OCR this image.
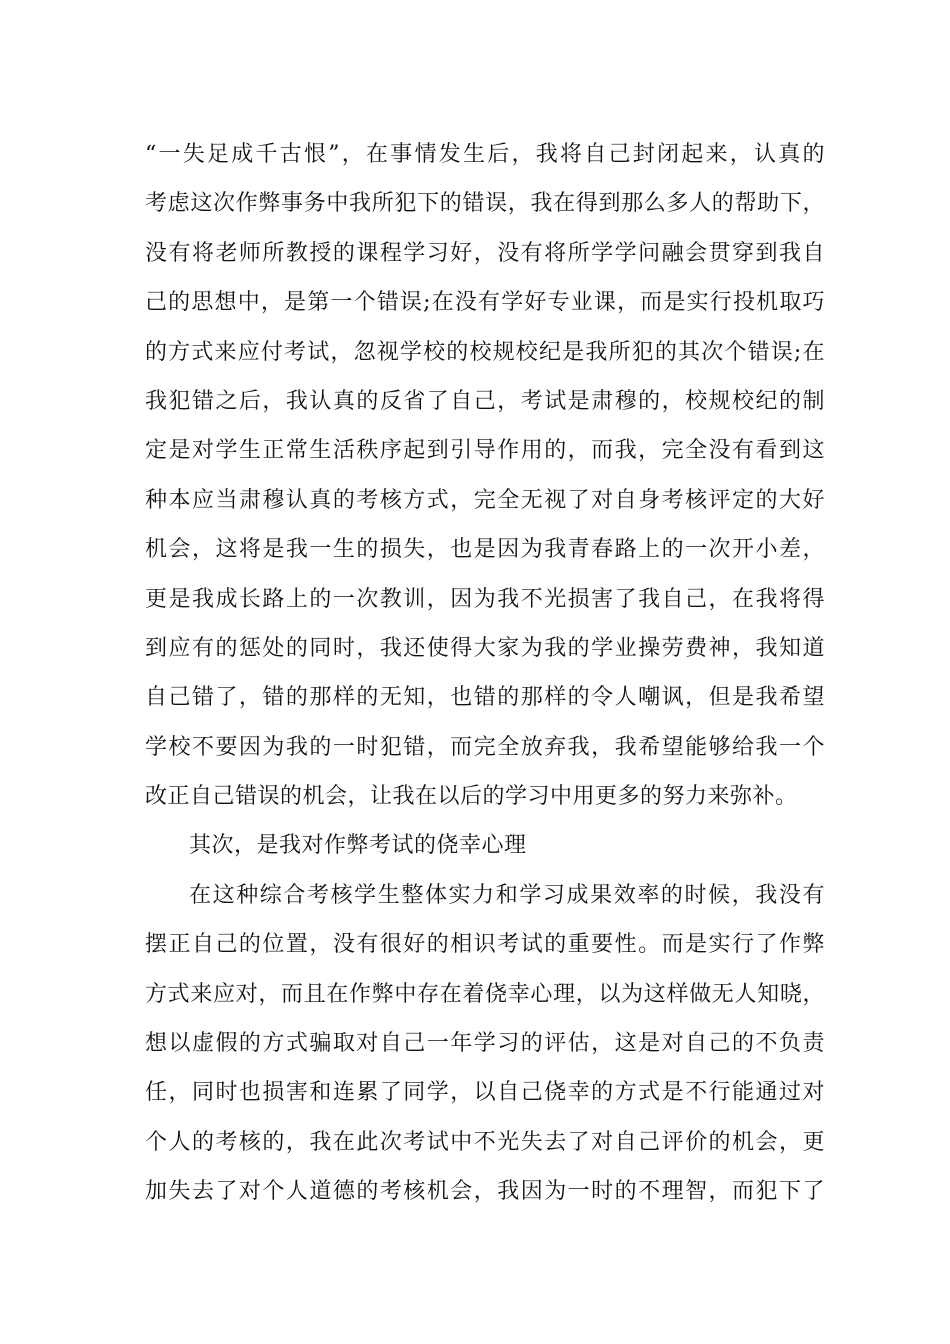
“一失足成千古恨”，在事情发生后，我将自己封闭起来，认真的
考虑这次作弊事务中我所犯下的错误，我在得到那么多人的帮助下，
没有将老师所教授的课程学习好，没有将所学学问融会贯穿到我自
己的思想中，是第一个错误;在没有学好专业课，而是实行投机取巧
的方式来应付考试，忽视学校的校规校纪是我所犯的其次个错误;在
我犯错之后，我认真的反省了自己，考试是肃穆的，校规校纪的制
定是对学生正常生活秩序起到引导作用的，而我，完全没有看到这
种本应当肃穆认真的考核方式，完全无视了对自身考核评定的大好
机会，这将是我一生的损失，也是因为我青春路上的一次开小差，
更是我成长路上的一次教训，因为我不光损害了我自己，在我将得
到应有的惩处的同时，我还使得大家为我的学业操劳费神，我知道
自己错了，错的那样的无知，也错的那样的令人嘲讽，但是我希望
学校不要因为我的一时犯错，而完全放弃我，我希望能够给我一个
改正自己错误的机会，让我在以后的学习中用更多的努力来弥补。
其次，是我对作弊考试的侥幸心理
在这种综合考核学生整体实力和学习成果效率的时候，我没有
摆正自己的位置，没有很好的相识考试的重要性。而是实行了作弊
方式来应对，而且在作弊中存在着侥幸心理，以为这样做无人知晓，
想以虚假的方式骗取对自己一年学习的评估，这是对自己的不负责
任，同时也损害和连累了同学，以自己侥幸的方式是不行能通过对
个人的考核的，我在此次考试中不光失去了对自己评价的机会，更
加失去了对个人道德的考核机会，我因为一时的不理智，而犯下了
